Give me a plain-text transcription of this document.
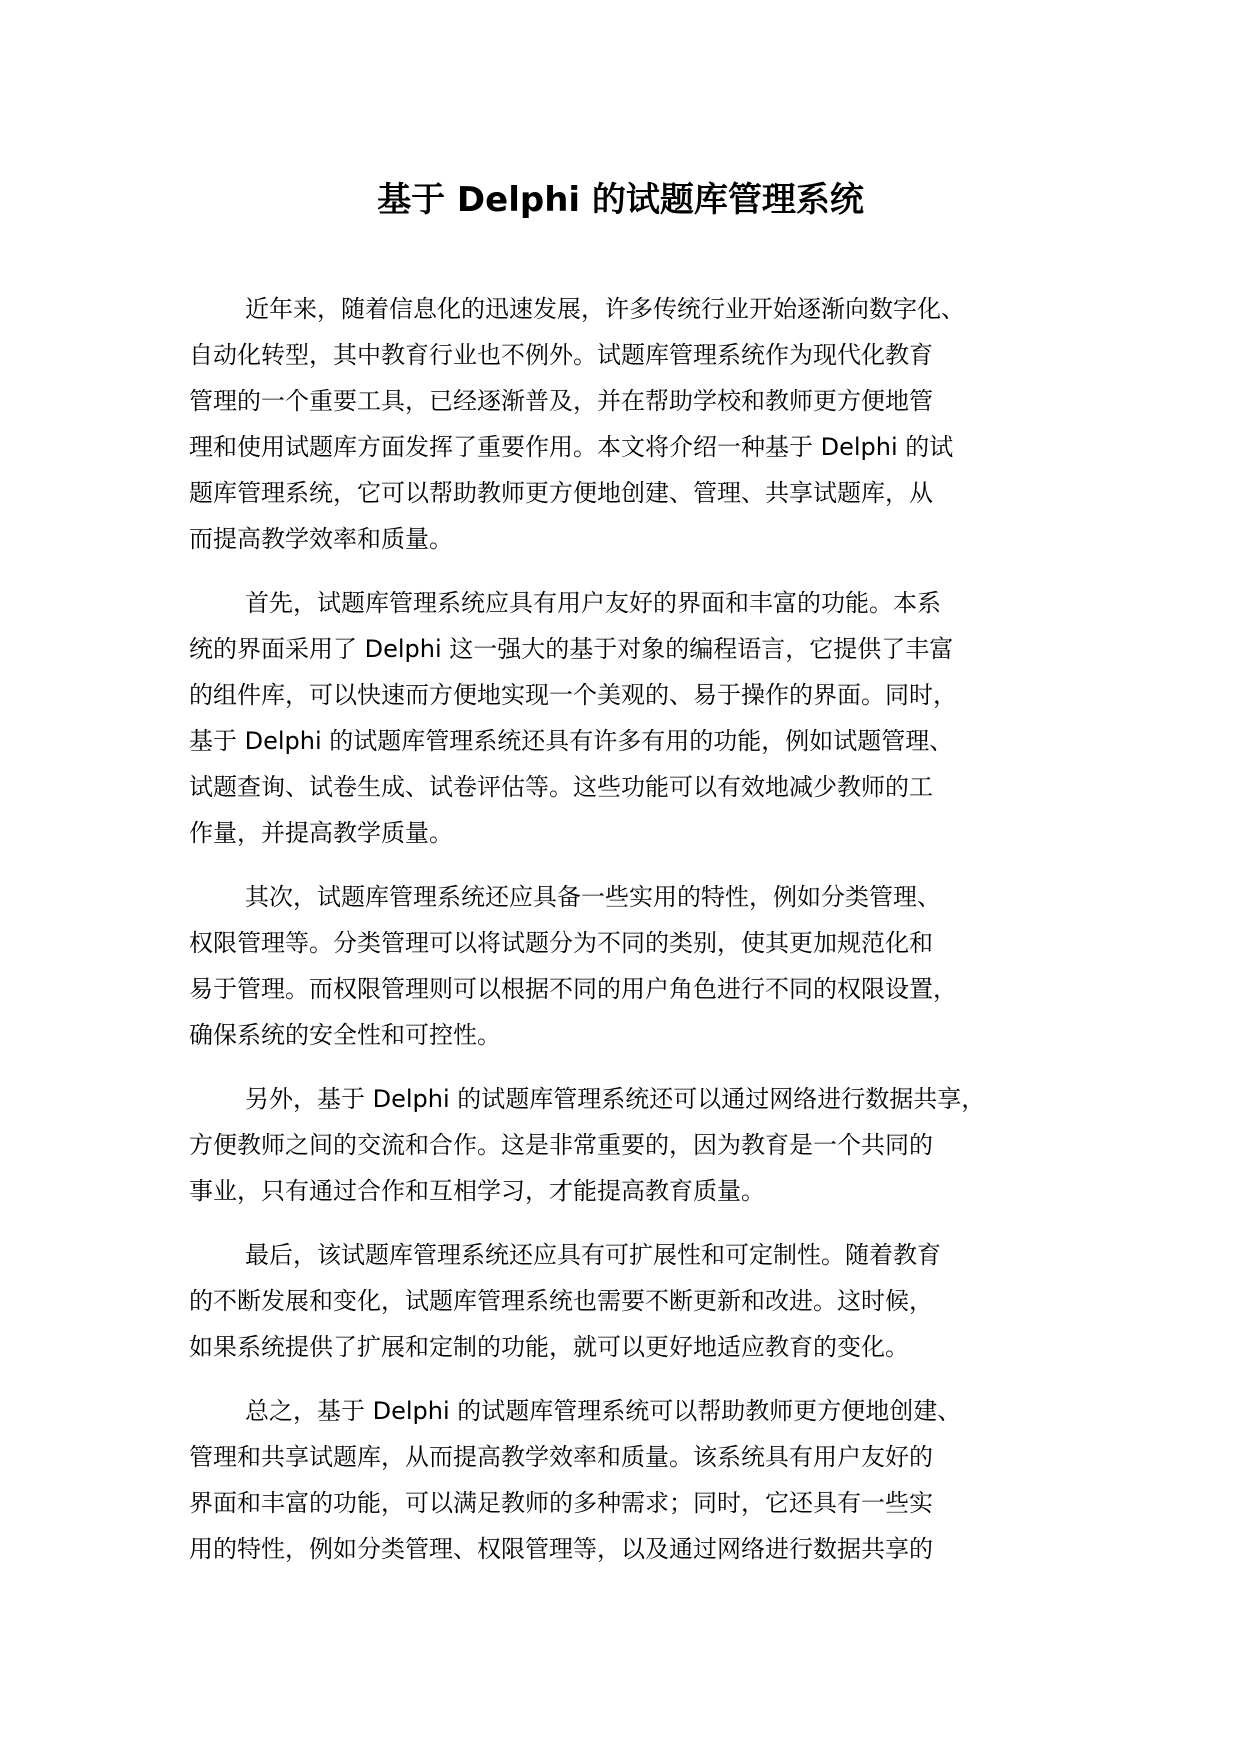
基于 Delphi 的试题库管理系统

近年来，随着信息化的迅速发展，许多传统行业开始逐渐向数字化、
自动化转型，其中教育行业也不例外。试题库管理系统作为现代化教育
管理的一个重要工具，已经逐渐普及，并在帮助学校和教师更方便地管
理和使用试题库方面发挥了重要作用。本文将介绍一种基于 Delphi 的试
题库管理系统，它可以帮助教师更方便地创建、管理、共享试题库，从
而提高教学效率和质量。

首先，试题库管理系统应具有用户友好的界面和丰富的功能。本系
统的界面采用了 Delphi 这一强大的基于对象的编程语言，它提供了丰富
的组件库，可以快速而方便地实现一个美观的、易于操作的界面。同时，
基于 Delphi 的试题库管理系统还具有许多有用的功能，例如试题管理、
试题查询、试卷生成、试卷评估等。这些功能可以有效地减少教师的工
作量，并提高教学质量。

其次，试题库管理系统还应具备一些实用的特性，例如分类管理、
权限管理等。分类管理可以将试题分为不同的类别，使其更加规范化和
易于管理。而权限管理则可以根据不同的用户角色进行不同的权限设置，
确保系统的安全性和可控性。

另外，基于 Delphi 的试题库管理系统还可以通过网络进行数据共享，
方便教师之间的交流和合作。这是非常重要的，因为教育是一个共同的
事业，只有通过合作和互相学习，才能提高教育质量。

最后，该试题库管理系统还应具有可扩展性和可定制性。随着教育
的不断发展和变化，试题库管理系统也需要不断更新和改进。这时候，
如果系统提供了扩展和定制的功能，就可以更好地适应教育的变化。

总之，基于 Delphi 的试题库管理系统可以帮助教师更方便地创建、
管理和共享试题库，从而提高教学效率和质量。该系统具有用户友好的
界面和丰富的功能，可以满足教师的多种需求；同时，它还具有一些实
用的特性，例如分类管理、权限管理等，以及通过网络进行数据共享的
